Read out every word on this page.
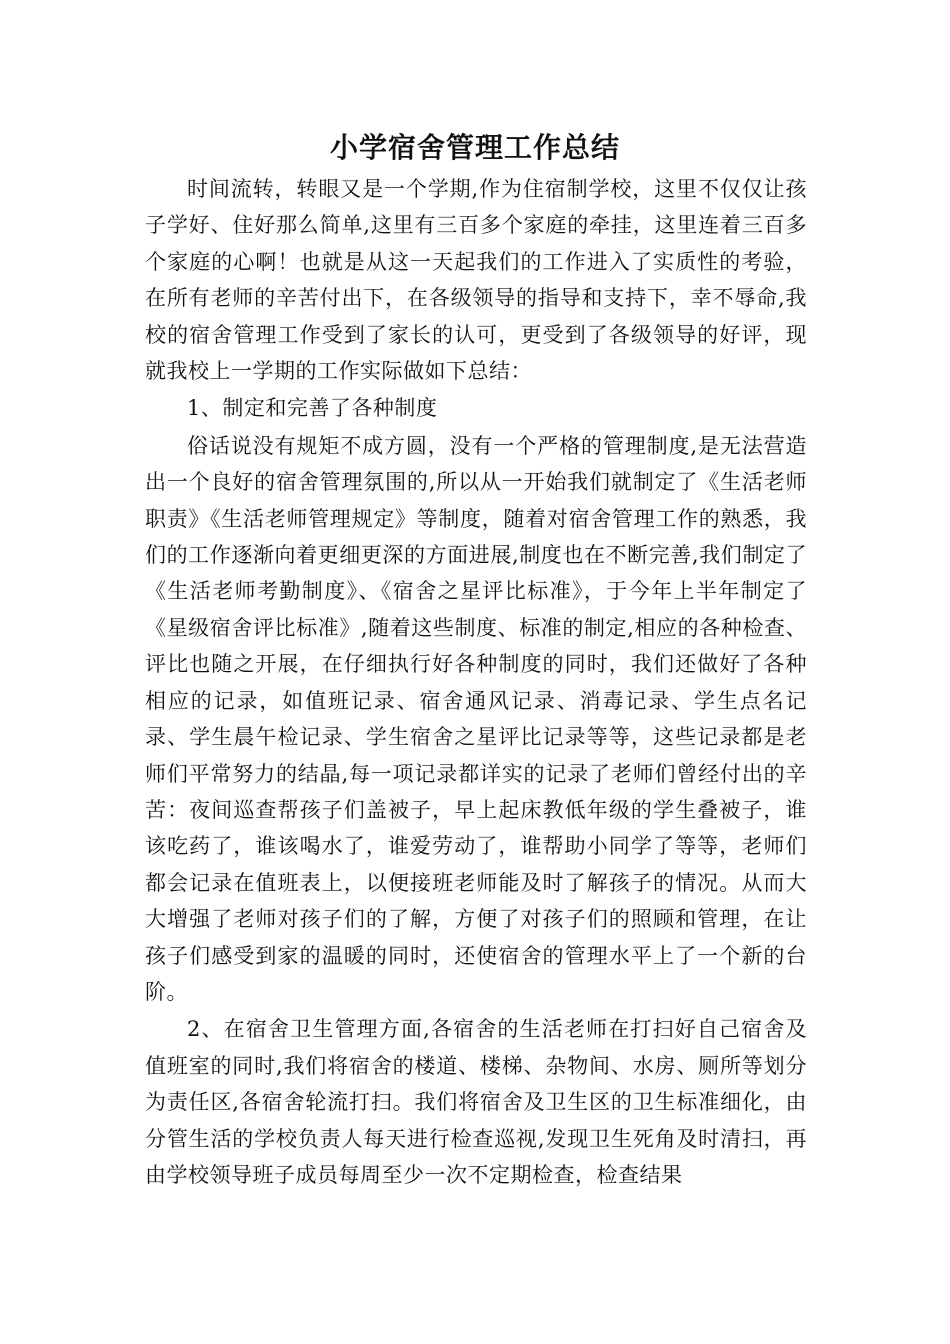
小学宿舍管理工作总结

时间流转，转眼又是一个学期,作为住宿制学校，这里不仅仅让孩子学好、住好那么简单,这里有三百多个家庭的牵挂，这里连着三百多个家庭的心啊！也就是从这一天起我们的工作进入了实质性的考验，在所有老师的辛苦付出下，在各级领导的指导和支持下，幸不辱命,我校的宿舍管理工作受到了家长的认可，更受到了各级领导的好评，现就我校上一学期的工作实际做如下总结：

1、制定和完善了各种制度

俗话说没有规矩不成方圆，没有一个严格的管理制度,是无法营造出一个良好的宿舍管理氛围的,所以从一开始我们就制定了《生活老师职责》《生活老师管理规定》等制度，随着对宿舍管理工作的熟悉，我们的工作逐渐向着更细更深的方面进展,制度也在不断完善,我们制定了《生活老师考勤制度》、《宿舍之星评比标准》，于今年上半年制定了《星级宿舍评比标准》,随着这些制度、标准的制定,相应的各种检查、评比也随之开展，在仔细执行好各种制度的同时，我们还做好了各种相应的记录，如值班记录、宿舍通风记录、消毒记录、学生点名记录、学生晨午检记录、学生宿舍之星评比记录等等，这些记录都是老师们平常努力的结晶,每一项记录都详实的记录了老师们曾经付出的辛苦：夜间巡查帮孩子们盖被子，早上起床教低年级的学生叠被子，谁该吃药了，谁该喝水了，谁爱劳动了，谁帮助小同学了等等，老师们都会记录在值班表上，以便接班老师能及时了解孩子的情况。从而大大增强了老师对孩子们的了解，方便了对孩子们的照顾和管理，在让孩子们感受到家的温暖的同时，还使宿舍的管理水平上了一个新的台阶。

2、在宿舍卫生管理方面,各宿舍的生活老师在打扫好自己宿舍及值班室的同时,我们将宿舍的楼道、楼梯、杂物间、水房、厕所等划分为责任区,各宿舍轮流打扫。我们将宿舍及卫生区的卫生标准细化，由分管生活的学校负责人每天进行检查巡视,发现卫生死角及时清扫，再由学校领导班子成员每周至少一次不定期检查，检查结果
